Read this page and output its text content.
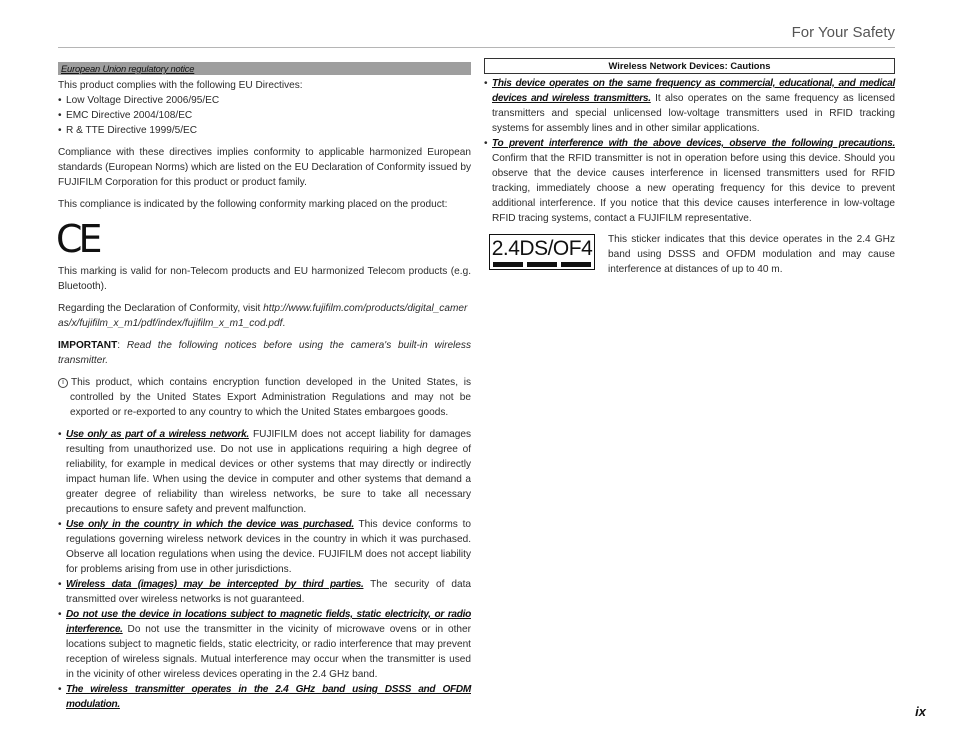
For Your Safety
European Union regulatory notice

This product complies with the following EU Directives:

• Low Voltage Directive 2006/95/EC
• EMC Directive 2004/108/EC
• R & TTE Directive 1999/5/EC

Compliance with these directives implies conformity to applicable harmonized European standards (European Norms) which are listed on the EU Declaration of Conformity issued by FUJIFILM Corporation for this product or product family.

This compliance is indicated by the following conformity marking placed on the product:

CE

This marking is valid for non-Telecom products and EU harmonized Telecom products (e.g. Bluetooth).

Regarding the Declaration of Conformity, visit http://www.fujifilm.com/products/digital_cameras/x/fujifilm_x_m1/pdf/index/fujifilm_x_m1_cod.pdf.

IMPORTANT: Read the following notices before using the camera's built-in wireless transmitter.

i This product, which contains encryption function developed in the United States, is controlled by the United States Export Administration Regulations and may not be exported or re-exported to any country to which the United States embargoes goods.
• Use only as part of a wireless network. FUJIFILM does not accept liability for damages resulting from unauthorized use. Do not use in applications requiring a high degree of reliability, for example in medical devices or other systems that may directly or indirectly impact human life. When using the device in computer and other systems that demand a greater degree of reliability than wireless networks, be sure to take all necessary precautions to ensure safety and prevent malfunction.
• Use only in the country in which the device was purchased. This device conforms to regulations governing wireless network devices in the country in which it was purchased. Observe all location regulations when using the device. FUJIFILM does not accept liability for problems arising from use in other jurisdictions.
• Wireless data (images) may be intercepted by third parties. The security of data transmitted over wireless networks is not guaranteed.
• Do not use the device in locations subject to magnetic fields, static electricity, or radio interference. Do not use the transmitter in the vicinity of microwave ovens or in other locations subject to magnetic fields, static electricity, or radio interference that may prevent reception of wireless signals. Mutual interference may occur when the transmitter is used in the vicinity of other wireless devices operating in the 2.4 GHz band.
• The wireless transmitter operates in the 2.4 GHz band using DSSS and OFDM modulation.
Wireless Network Devices: Cautions
• This device operates on the same frequency as commercial, educational, and medical devices and wireless transmitters. It also operates on the same frequency as licensed transmitters and special unlicensed low-voltage transmitters used in RFID tracking systems for assembly lines and in other similar applications.
• To prevent interference with the above devices, observe the following precautions. Confirm that the RFID transmitter is not in operation before using this device. Should you observe that the device causes interference in licensed transmitters used for RFID tracking, immediately choose a new operating frequency for this device to prevent additional interference. If you notice that this device causes interference in low-voltage RFID tracing systems, contact a FUJIFILM representative.
2.4DS/OF4 This sticker indicates that this device operates in the 2.4 GHz band using DSSS and OFDM modulation and may cause interference at distances of up to 40 m.

ix
